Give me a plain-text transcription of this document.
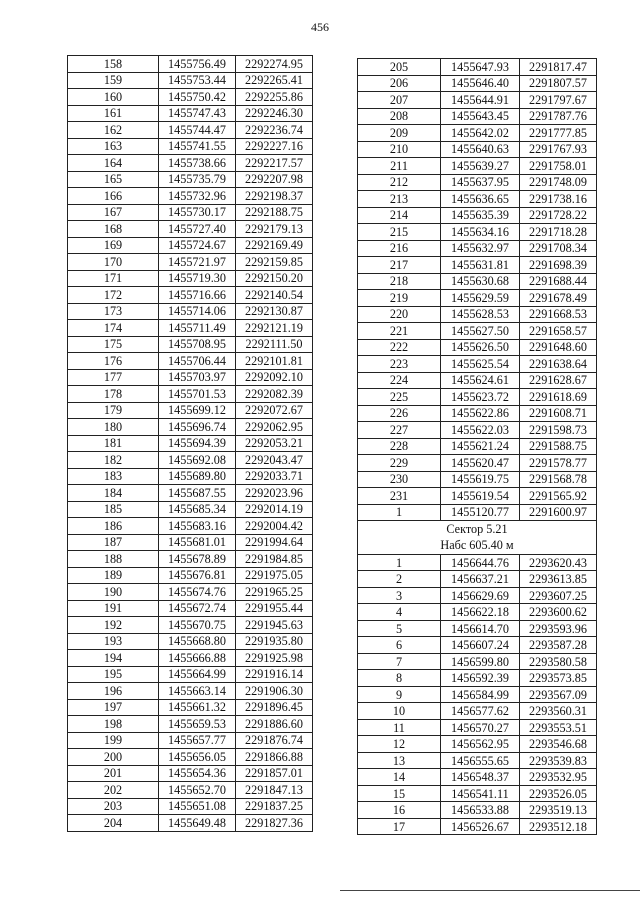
456
158	1455756.49	2292274.95
159	1455753.44	2292265.41
160	1455750.42	2292255.86
161	1455747.43	2292246.30
162	1455744.47	2292236.74
163	1455741.55	2292227.16
164	1455738.66	2292217.57
165	1455735.79	2292207.98
166	1455732.96	2292198.37
167	1455730.17	2292188.75
168	1455727.40	2292179.13
169	1455724.67	2292169.49
170	1455721.97	2292159.85
171	1455719.30	2292150.20
172	1455716.66	2292140.54
173	1455714.06	2292130.87
174	1455711.49	2292121.19
175	1455708.95	2292111.50
176	1455706.44	2292101.81
177	1455703.97	2292092.10
178	1455701.53	2292082.39
179	1455699.12	2292072.67
180	1455696.74	2292062.95
181	1455694.39	2292053.21
182	1455692.08	2292043.47
183	1455689.80	2292033.71
184	1455687.55	2292023.96
185	1455685.34	2292014.19
186	1455683.16	2292004.42
187	1455681.01	2291994.64
188	1455678.89	2291984.85
189	1455676.81	2291975.05
190	1455674.76	2291965.25
191	1455672.74	2291955.44
192	1455670.75	2291945.63
193	1455668.80	2291935.80
194	1455666.88	2291925.98
195	1455664.99	2291916.14
196	1455663.14	2291906.30
197	1455661.32	2291896.45
198	1455659.53	2291886.60
199	1455657.77	2291876.74
200	1455656.05	2291866.88
201	1455654.36	2291857.01
202	1455652.70	2291847.13
203	1455651.08	2291837.25
204	1455649.48	2291827.36
205	1455647.93	2291817.47
206	1455646.40	2291807.57
207	1455644.91	2291797.67
208	1455643.45	2291787.76
209	1455642.02	2291777.85
210	1455640.63	2291767.93
211	1455639.27	2291758.01
212	1455637.95	2291748.09
213	1455636.65	2291738.16
214	1455635.39	2291728.22
215	1455634.16	2291718.28
216	1455632.97	2291708.34
217	1455631.81	2291698.39
218	1455630.68	2291688.44
219	1455629.59	2291678.49
220	1455628.53	2291668.53
221	1455627.50	2291658.57
222	1455626.50	2291648.60
223	1455625.54	2291638.64
224	1455624.61	2291628.67
225	1455623.72	2291618.69
226	1455622.86	2291608.71
227	1455622.03	2291598.73
228	1455621.24	2291588.75
229	1455620.47	2291578.77
230	1455619.75	2291568.78
231	1455619.54	2291565.92
1	1455120.77	2291600.97

Сектор 5.21
Набс 605.40 м		

1	1456644.76	2293620.43
2	1456637.21	2293613.85
3	1456629.69	2293607.25
4	1456622.18	2293600.62
5	1456614.70	2293593.96
6	1456607.24	2293587.28
7	1456599.80	2293580.58
8	1456592.39	2293573.85
9	1456584.99	2293567.09
10	1456577.62	2293560.31
11	1456570.27	2293553.51
12	1456562.95	2293546.68
13	1456555.65	2293539.83
14	1456548.37	2293532.95
15	1456541.11	2293526.05
16	1456533.88	2293519.13
17	1456526.67	2293512.18
